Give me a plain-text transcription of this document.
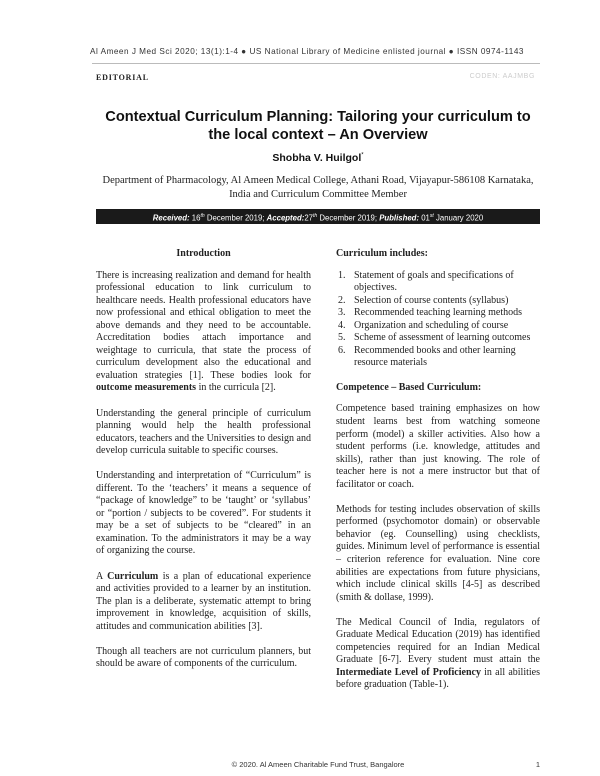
Al Ameen J Med Sci 2020; 13(1):1-4 ● US National Library of Medicine enlisted journal ● ISSN 0974-1143
EDITORIAL	CODEN: AAJMBG
Contextual Curriculum Planning: Tailoring your curriculum to the local context – An Overview
Shobha V. Huilgol*
Department of Pharmacology, Al Ameen Medical College, Athani Road, Vijayapur-586108 Karnataka, India and Curriculum Committee Member
Received: 16th December 2019; Accepted:27th December 2019; Published: 01st January 2020
Introduction

There is increasing realization and demand for health professional education to link curriculum to healthcare needs. Health professional educators have now professional and ethical obligation to meet the above demands and they need to be accountable. Accreditation bodies attach importance and weightage to curricula, that state the process of curriculum development also the educational and evaluation strategies [1]. These bodies look for outcome measurements in the curricula [2].

Understanding the general principle of curriculum planning would help the health professional educators, teachers and the Universities to design and develop curricula suitable to specific courses.

Understanding and interpretation of “Curriculum” is different. To the ‘teachers’ it means a sequence of “package of knowledge” to be ‘taught’ or ‘syllabus’ or “portion / subjects to be covered”. For students it may be a set of subjects to be “cleared” in an examination. To the administrators it may be a way of organizing the course.

A Curriculum is a plan of educational experience and activities provided to a learner by an institution. The plan is a deliberate, systematic attempt to bring improvement in knowledge, acquisition of skills, attitudes and communication abilities [3].

Though all teachers are not curriculum planners, but should be aware of components of the curriculum.

Curriculum includes:
1. Statement of goals and specifications of objectives.
2. Selection of course contents (syllabus)
3. Recommended teaching learning methods
4. Organization and scheduling of course
5. Scheme of assessment of learning outcomes
6. Recommended books and other learning resource materials
Competence – Based Curriculum:

Competence based training emphasizes on how student learns best from watching someone perform (model) a skiller activities. Also how a student performs (i.e. knowledge, attitudes and skills), rather than just knowing. The role of teacher here is not a mere instructor but that of facilitator or coach.

Methods for testing includes observation of skills performed (psychomotor domain) or observable behavior (eg. Counselling) using checklists, guides. Minimum level of performance is essential – criterion reference for evaluation. Nine core abilities are expectations from future physicians, which include clinical skills [4-5] as described (smith & dollase, 1999).

The Medical Council of India, regulators of Graduate Medical Education (2019) has identified competencies required for an Indian Medical Graduate [6-7]. Every student must attain the Intermediate Level of Proficiency in all abilities before graduation (Table-1).

© 2020. Al Ameen Charitable Fund Trust, Bangalore	1
